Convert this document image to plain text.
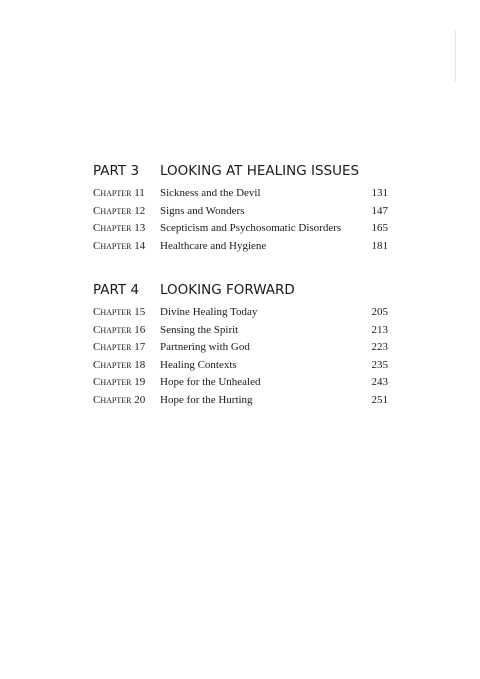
PART 3 LOOKING AT HEALING ISSUES
Chapter 11 Sickness and the Devil	131
Chapter 12 Signs and Wonders	147
Chapter 13 Scepticism and Psychosomatic Disorders	165
Chapter 14 Healthcare and Hygiene	181
PART 4 LOOKING FORWARD
Chapter 15 Divine Healing Today	205
Chapter 16 Sensing the Spirit	213
Chapter 17 Partnering with God	223
Chapter 18 Healing Contexts	235
Chapter 19 Hope for the Unhealed	243
Chapter 20 Hope for the Hurting	251
